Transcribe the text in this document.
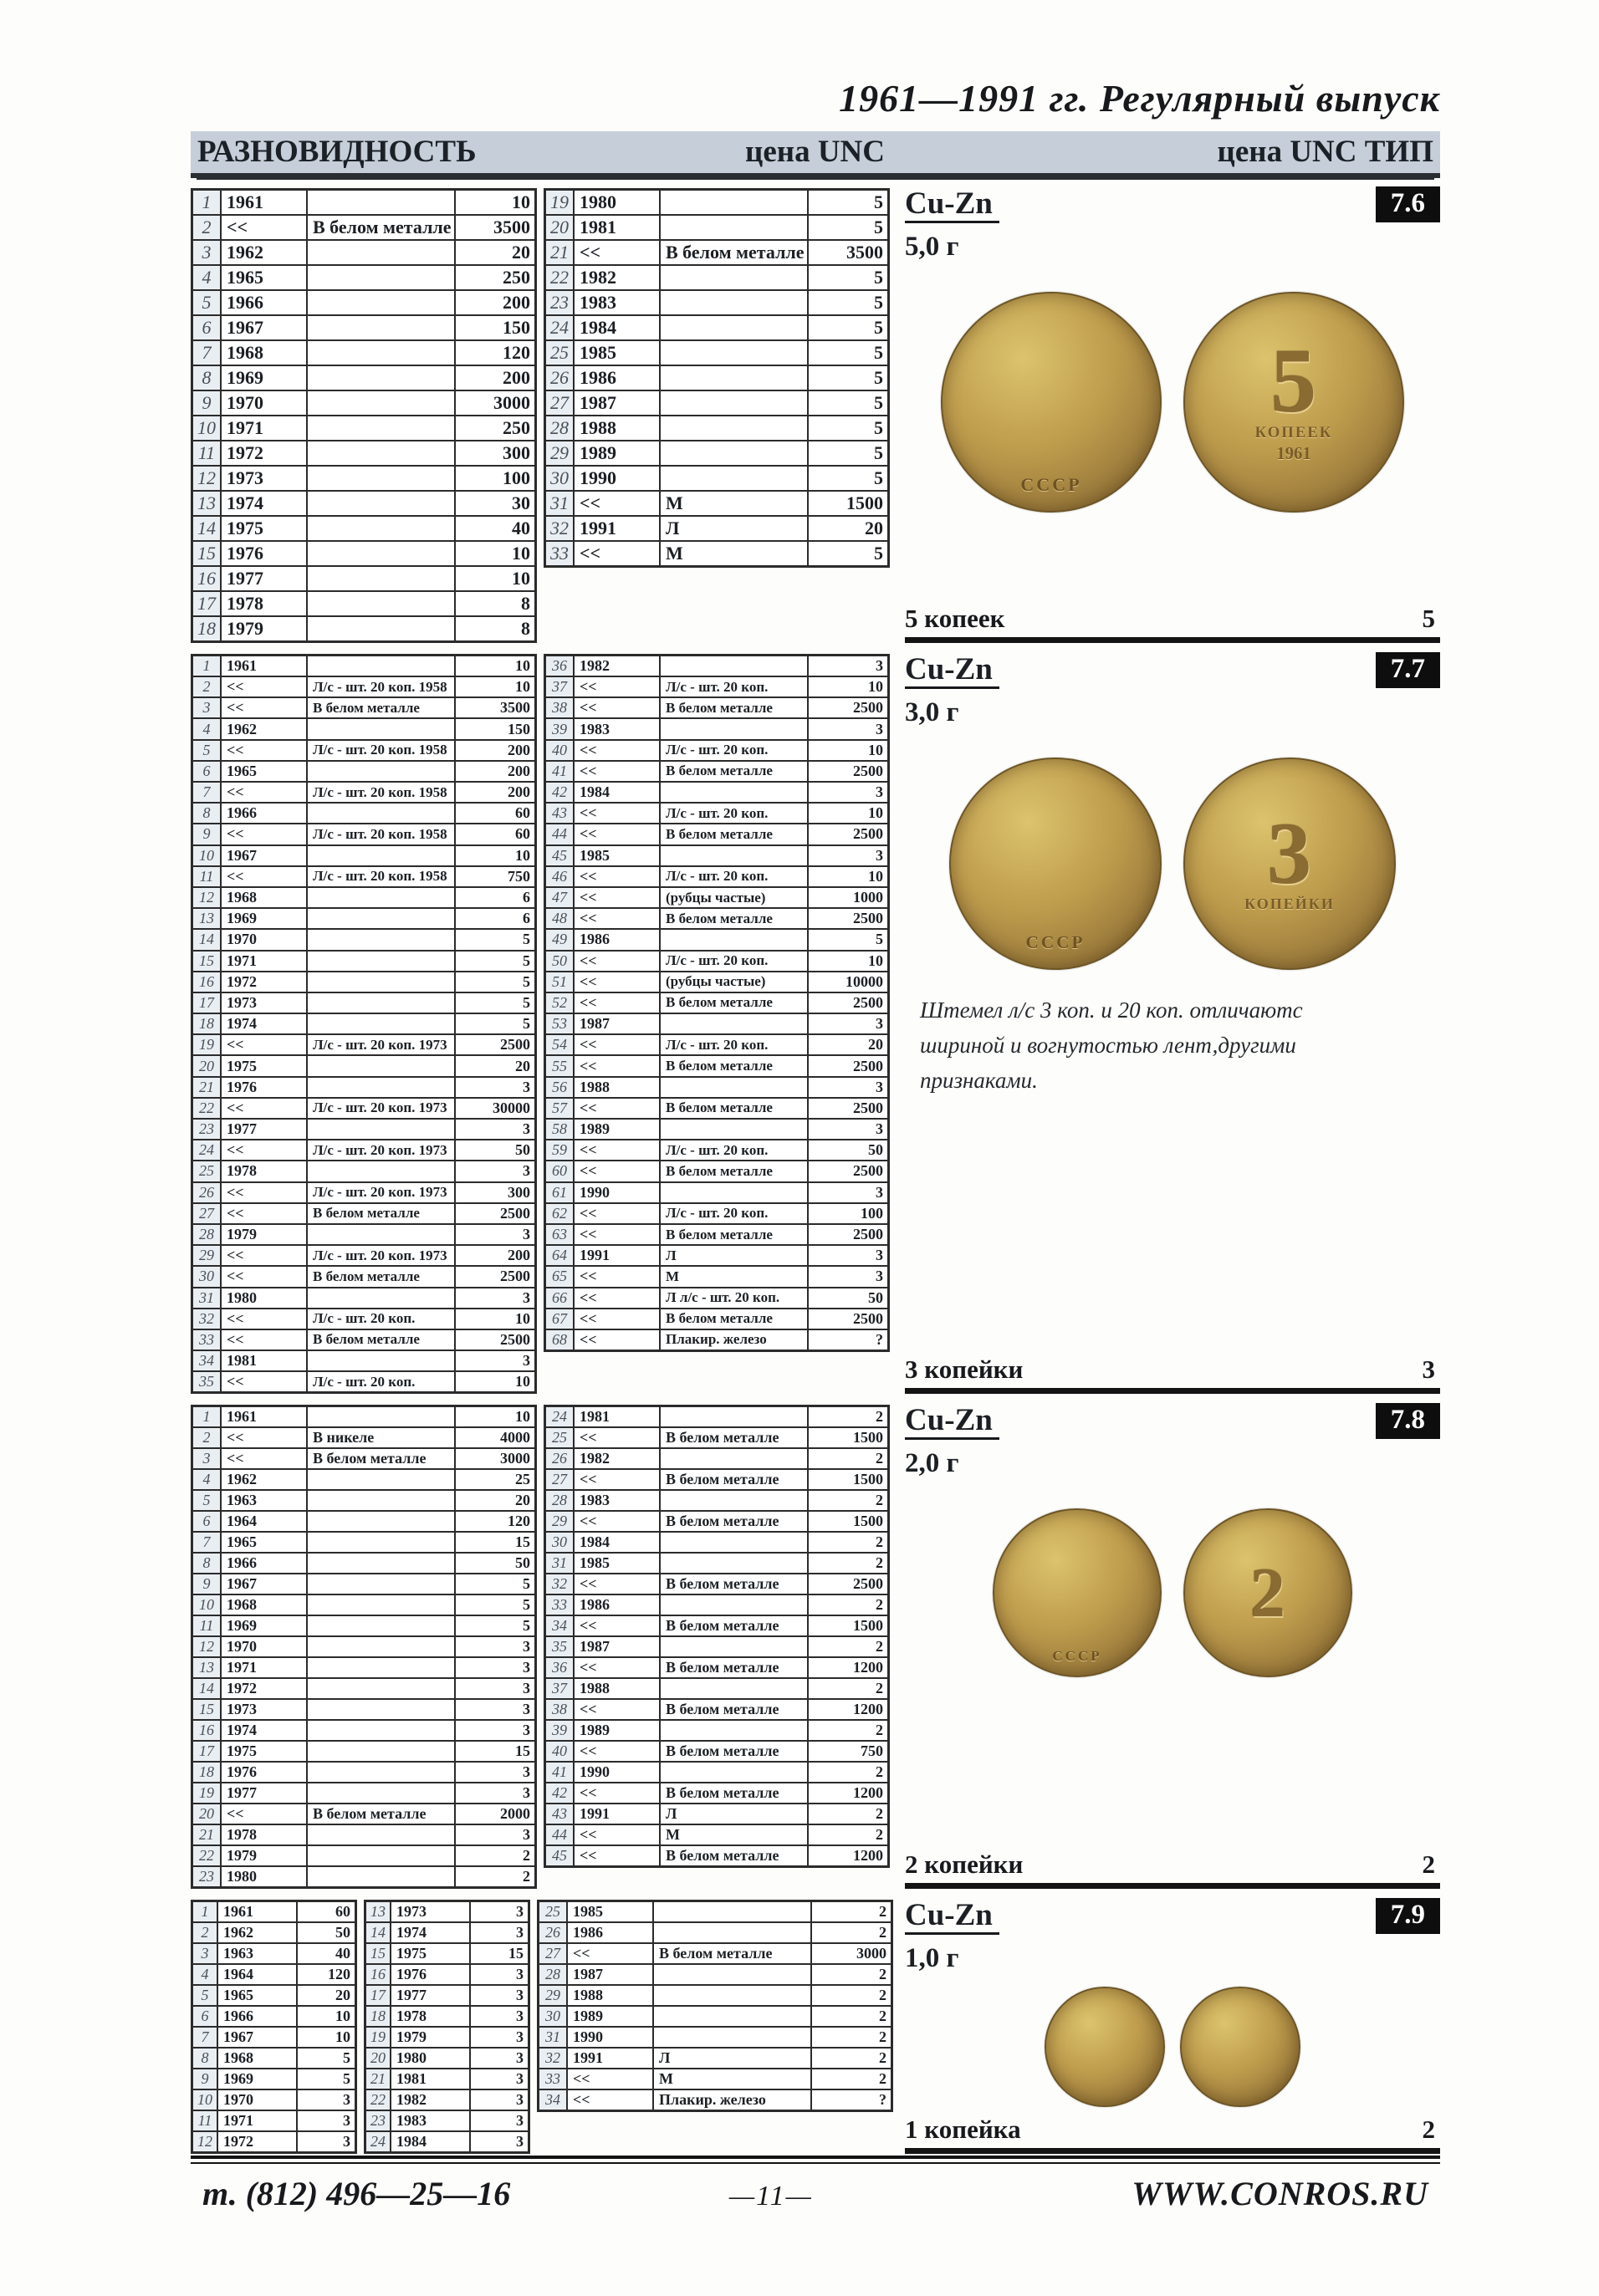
1961—1991 гг. Регулярный выпуск
РАЗНОВИДНОСТЬ	цена UNC	цена UNC ТИП
1	1961		10
2	<<	В белом металле	3500
3	1962		20
4	1965		250
5	1966		200
6	1967		150
7	1968		120
8	1969		200
9	1970		3000
10	1971		250
11	1972		300
12	1973		100
13	1974		30
14	1975		40
15	1976		10
16	1977		10
17	1978		8
18	1979		8
19	1980		5
20	1981		5
21	<<	В белом металле	3500
22	1982		5
23	1983		5
24	1984		5
25	1985		5
26	1986		5
27	1987		5
28	1988		5
29	1989		5
30	1990		5
31	<<	М	1500
32	1991	Л	20
33	<<	М	5
Cu-Zn
5,0 г
7.6
СССР
5
КОПЕЕК
1961
5 копеек	5
1	1961		10
2	<<	Л/с - шт. 20 коп. 1958	10
3	<<	В белом металле	3500
4	1962		150
5	<<	Л/с - шт. 20 коп. 1958	200
6	1965		200
7	<<	Л/с - шт. 20 коп. 1958	200
8	1966		60
9	<<	Л/с - шт. 20 коп. 1958	60
10	1967		10
11	<<	Л/с - шт. 20 коп. 1958	750
12	1968		6
13	1969		6
14	1970		5
15	1971		5
16	1972		5
17	1973		5
18	1974		5
19	<<	Л/с - шт. 20 коп. 1973	2500
20	1975		20
21	1976		3
22	<<	Л/с - шт. 20 коп. 1973	30000
23	1977		3
24	<<	Л/с - шт. 20 коп. 1973	50
25	1978		3
26	<<	Л/с - шт. 20 коп. 1973	300
27	<<	В белом металле	2500
28	1979		3
29	<<	Л/с - шт. 20 коп. 1973	200
30	<<	В белом металле	2500
31	1980		3
32	<<	Л/с - шт. 20 коп.	10
33	<<	В белом металле	2500
34	1981		3
35	<<	Л/с - шт. 20 коп.	10
36	1982		3
37	<<	Л/с - шт. 20 коп.	10
38	<<	В белом металле	2500
39	1983		3
40	<<	Л/с - шт. 20 коп.	10
41	<<	В белом металле	2500
42	1984		3
43	<<	Л/с - шт. 20 коп.	10
44	<<	В белом металле	2500
45	1985		3
46	<<	Л/с - шт. 20 коп.	10
47	<<	(рубцы частые)	1000
48	<<	В белом металле	2500
49	1986		5
50	<<	Л/с - шт. 20 коп.	10
51	<<	(рубцы частые)	10000
52	<<	В белом металле	2500
53	1987		3
54	<<	Л/с - шт. 20 коп.	20
55	<<	В белом металле	2500
56	1988		3
57	<<	В белом металле	2500
58	1989		3
59	<<	Л/с - шт. 20 коп.	50
60	<<	В белом металле	2500
61	1990		3
62	<<	Л/с - шт. 20 коп.	100
63	<<	В белом металле	2500
64	1991	Л	3
65	<<	М	3
66	<<	Л л/с - шт. 20 коп.	50
67	<<	В белом металле	2500
68	<<	Плакир. железо	?
Cu-Zn
3,0 г
7.7
СССР
3
КОПЕЙКИ
Штемел л/с 3 коп. и 20 коп. отличаютс шириной и вогнутостью лент,другими признаками.
3 копейки	3
1	1961		10
2	<<	В никеле	4000
3	<<	В белом металле	3000
4	1962		25
5	1963		20
6	1964		120
7	1965		15
8	1966		50
9	1967		5
10	1968		5
11	1969		5
12	1970		3
13	1971		3
14	1972		3
15	1973		3
16	1974		3
17	1975		15
18	1976		3
19	1977		3
20	<<	В белом металле	2000
21	1978		3
22	1979		2
23	1980		2
24	1981		2
25	<<	В белом металле	1500
26	1982		2
27	<<	В белом металле	1500
28	1983		2
29	<<	В белом металле	1500
30	1984		2
31	1985		2
32	<<	В белом металле	2500
33	1986		2
34	<<	В белом металле	1500
35	1987		2
36	<<	В белом металле	1200
37	1988		2
38	<<	В белом металле	1200
39	1989		2
40	<<	В белом металле	750
41	1990		2
42	<<	В белом металле	1200
43	1991	Л	2
44	<<	М	2
45	<<	В белом металле	1200
Cu-Zn
2,0 г
7.8
СССР
2
2 копейки	2
1	1961	60
2	1962	50
3	1963	40
4	1964	120
5	1965	20
6	1966	10
7	1967	10
8	1968	5
9	1969	5
10	1970	3
11	1971	3
12	1972	3
13	1973	3
14	1974	3
15	1975	15
16	1976	3
17	1977	3
18	1978	3
19	1979	3
20	1980	3
21	1981	3
22	1982	3
23	1983	3
24	1984	3
25	1985		2
26	1986		2
27	<<	В белом металле	3000
28	1987		2
29	1988		2
30	1989		2
31	1990		2
32	1991	Л	2
33	<<	М	2
34	<<	Плакир. железо	?
Cu-Zn
1,0 г
7.9
1 копейка	2
т. (812) 496—25—16	—11—	WWW.CONROS.RU
